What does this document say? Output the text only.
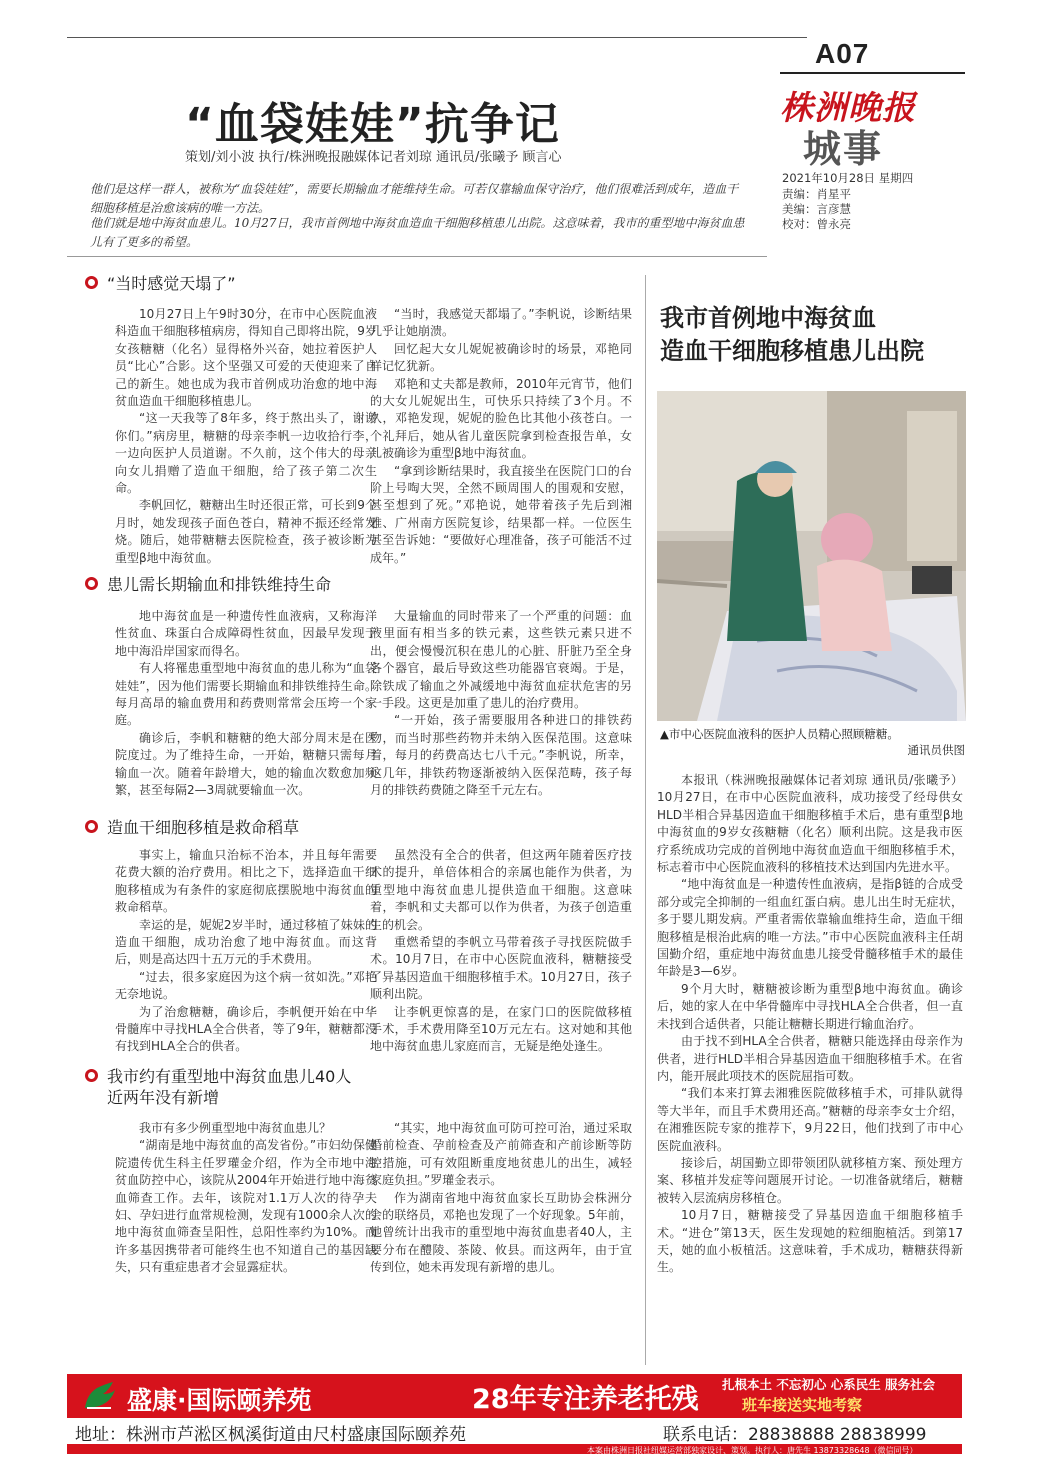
A07
株洲晚报
城事
2021年10月28日 星期四
责编：肖星平
美编：言彦慧
校对：曾永亮
“血袋娃娃”抗争记
策划/刘小波 执行/株洲晚报融媒体记者刘琼 通讯员/张曦予 顾言心
他们是这样一群人，被称为“血袋娃娃”，需要长期输血才能维持生命。可若仅靠输血保守治疗，他们很难活到成年，造血干细胞移植是治愈该病的唯一方法。
他们就是地中海贫血患儿。10月27日，我市首例地中海贫血造血干细胞移植患儿出院。这意味着，我市的重型地中海贫血患儿有了更多的希望。
“当时感觉天塌了”

10月27日上午9时30分，在市中心医院血液科造血干细胞移植病房，得知自己即将出院，9岁女孩糖糖（化名）显得格外兴奋，她拉着医护人员“比心”合影。这个坚强又可爱的天使迎来了自己的新生。她也成为我市首例成功治愈的地中海贫血造血干细胞移植患儿。

“这一天我等了8年多，终于熬出头了，谢谢你们。”病房里，糖糖的母亲李帆一边收拾行李，一边向医护人员道谢。不久前，这个伟大的母亲向女儿捐赠了造血干细胞，给了孩子第二次生命。

李帆回忆，糖糖出生时还很正常，可长到9个月时，她发现孩子面色苍白，精神不振还经常发烧。随后，她带糖糖去医院检查，孩子被诊断为重型β地中海贫血。

“当时，我感觉天都塌了。”李帆说，诊断结果几乎让她崩溃。

回忆起大女儿妮妮被确诊时的场景，邓艳同样记忆犹新。

邓艳和丈夫都是教师，2010年元宵节，他们的大女儿妮妮出生，可快乐只持续了3个月。不久，邓艳发现，妮妮的脸色比其他小孩苍白。一个礼拜后，她从省儿童医院拿到检查报告单，女儿被确诊为重型β地中海贫血。

“拿到诊断结果时，我直接坐在医院门口的台阶上号啕大哭，全然不顾周围人的围观和安慰，甚至想到了死。”邓艳说，她带着孩子先后到湘雅、广州南方医院复诊，结果都一样。一位医生甚至告诉她：“要做好心理准备，孩子可能活不过成年。”

患儿需长期输血和排铁维持生命

地中海贫血是一种遗传性血液病，又称海洋性贫血、珠蛋白合成障碍性贫血，因最早发现于地中海沿岸国家而得名。

有人将罹患重型地中海贫血的患儿称为“血袋娃娃”，因为他们需要长期输血和排铁维持生命。每月高昂的输血费用和药费则常常会压垮一个家庭。

确诊后，李帆和糖糖的绝大部分周末是在医院度过。为了维持生命，一开始，糖糖只需每月输血一次。随着年龄增大，她的输血次数愈加频繁，甚至每隔2—3周就要输血一次。

大量输血的同时带来了一个严重的问题：血液里面有相当多的铁元素，这些铁元素只进不出，便会慢慢沉积在患儿的心脏、肝脏乃至全身各个器官，最后导致这些功能器官衰竭。于是，除铁成了输血之外减缓地中海贫血症状危害的另一手段。这更是加重了患儿的治疗费用。

“一开始，孩子需要服用各种进口的排铁药物，而当时那些药物并未纳入医保范围。这意味着，每月的药费高达七八千元。”李帆说，所幸，这几年，排铁药物逐渐被纳入医保范畴，孩子每月的排铁药费随之降至千元左右。

造血干细胞移植是救命稻草

事实上，输血只治标不治本，并且每年需要花费大额的治疗费用。相比之下，选择造血干细胞移植成为有条件的家庭彻底摆脱地中海贫血的救命稻草。

幸运的是，妮妮2岁半时，通过移植了妹妹的造血干细胞，成功治愈了地中海贫血。而这背后，则是高达四十五万元的手术费用。

“过去，很多家庭因为这个病一贫如洗。”邓艳无奈地说。

为了治愈糖糖，确诊后，李帆便开始在中华骨髓库中寻找HLA全合供者，等了9年，糖糖都没有找到HLA全合的供者。

虽然没有全合的供者，但这两年随着医疗技术的提升，单倍体相合的亲属也能作为供者，为重型地中海贫血患儿提供造血干细胞。这意味着，李帆和丈夫都可以作为供者，为孩子创造重生的机会。

重燃希望的李帆立马带着孩子寻找医院做手术。10月7日，在市中心医院血液科，糖糖接受了异基因造血干细胞移植手术。10月27日，孩子顺利出院。

让李帆更惊喜的是，在家门口的医院做移植手术，手术费用降至10万元左右。这对她和其他地中海贫血患儿家庭而言，无疑是绝处逢生。

我市约有重型地中海贫血患儿40人
近两年没有新增

我市有多少例重型地中海贫血患儿？

“湖南是地中海贫血的高发省份。”市妇幼保健院遗传优生科主任罗瓘金介绍，作为全市地中海贫血防控中心，该院从2004年开始进行地中海贫血筛查工作。去年，该院对1.1万人次的待孕夫妇、孕妇进行血常规检测，发现有1000余人次的地中海贫血筛查呈阳性，总阳性率约为10%。而许多基因携带者可能终生也不知道自己的基因缺失，只有重症患者才会显露症状。

“其实，地中海贫血可防可控可治，通过采取婚前检查、孕前检查及产前筛查和产前诊断等防控措施，可有效阻断重度地贫患儿的出生，减轻家庭负担。”罗瓘金表示。

作为湖南省地中海贫血家长互助协会株洲分会的联络员，邓艳也发现了一个好现象。5年前，她曾统计出我市的重型地中海贫血患者40人，主要分布在醴陵、茶陵、攸县。而这两年，由于宣传到位，她未再发现有新增的患儿。

我市首例地中海贫血
造血干细胞移植患儿出院
▲市中心医院血液科的医护人员精心照顾糖糖。
通讯员供图

本报讯（株洲晚报融媒体记者刘琼 通讯员/张曦予）10月27日，在市中心医院血液科，成功接受了经母供女HLD半相合异基因造血干细胞移植手术后，患有重型β地中海贫血的9岁女孩糖糖（化名）顺利出院。这是我市医疗系统成功完成的首例地中海贫血造血干细胞移植手术，标志着市中心医院血液科的移植技术达到国内先进水平。

“地中海贫血是一种遗传性血液病，是指β链的合成受部分或完全抑制的一组血红蛋白病。患儿出生时无症状，多于婴儿期发病。严重者需依靠输血维持生命，造血干细胞移植是根治此病的唯一方法。”市中心医院血液科主任胡国勤介绍，重症地中海贫血患儿接受骨髓移植手术的最佳年龄是3—6岁。

9个月大时，糖糖被诊断为重型β地中海贫血。确诊后，她的家人在中华骨髓库中寻找HLA全合供者，但一直未找到合适供者，只能让糖糖长期进行输血治疗。

由于找不到HLA全合供者，糖糖只能选择由母亲作为供者，进行HLD半相合异基因造血干细胞移植手术。在省内，能开展此项技术的医院屈指可数。

“我们本来打算去湘雅医院做移植手术，可排队就得等大半年，而且手术费用还高。”糖糖的母亲李女士介绍，在湘雅医院专家的推荐下，9月22日，他们找到了市中心医院血液科。

接诊后，胡国勤立即带领团队就移植方案、预处理方案、移植并发症等问题展开讨论。一切准备就绪后，糖糖被转入层流病房移植仓。

10月7日，糖糖接受了异基因造血干细胞移植手术。“进仓”第13天，医生发现她的粒细胞植活。到第17天，她的血小板植活。这意味着，手术成功，糖糖获得新生。

盛康·国际颐养苑	28年专注养老托残 扎根本土 不忘初心 心系民生 服务社会
班车接送实地考察
地址：株洲市芦淞区枫溪街道由尺村盛康国际颐养苑	联系电话：28838888 28838999
本案由株洲日报社纽媒运营部独家设计、策划。执行人：唐先生 13873328648（微信同号）
